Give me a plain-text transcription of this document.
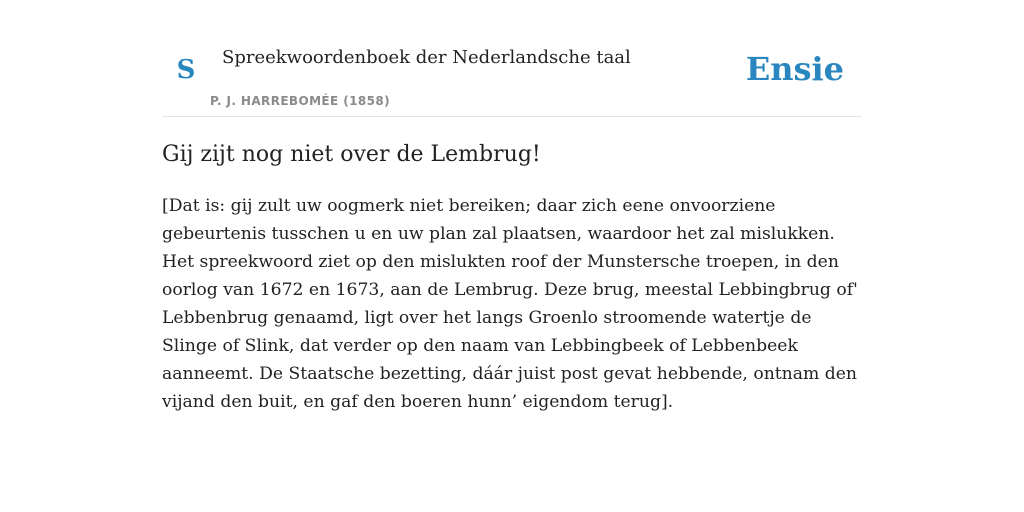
S Spreekwoordenboek der Nederlandsche taal
P. J. HARREBOMÉE (1858)
Ensie
Gij zijt nog niet over de Lembrug!

[Dat is: gij zult uw oogmerk niet bereiken; daar zich eene onvoorziene gebeurtenis tusschen u en uw plan zal plaatsen, waardoor het zal mislukken. Het spreekwoord ziet op den mislukten roof der Munstersche troepen, in den oorlog van 1672 en 1673, aan de Lembrug. Deze brug, meestal Lebbingbrug of' Lebbenbrug genaamd, ligt over het langs Groenlo stroomende watertje de Slinge of Slink, dat verder op den naam van Lebbingbeek of Lebbenbeek aanneemt. De Staatsche bezetting, dáár juist post gevat hebbende, ontnam den vijand den buit, en gaf den boeren hunn’ eigendom terug].
